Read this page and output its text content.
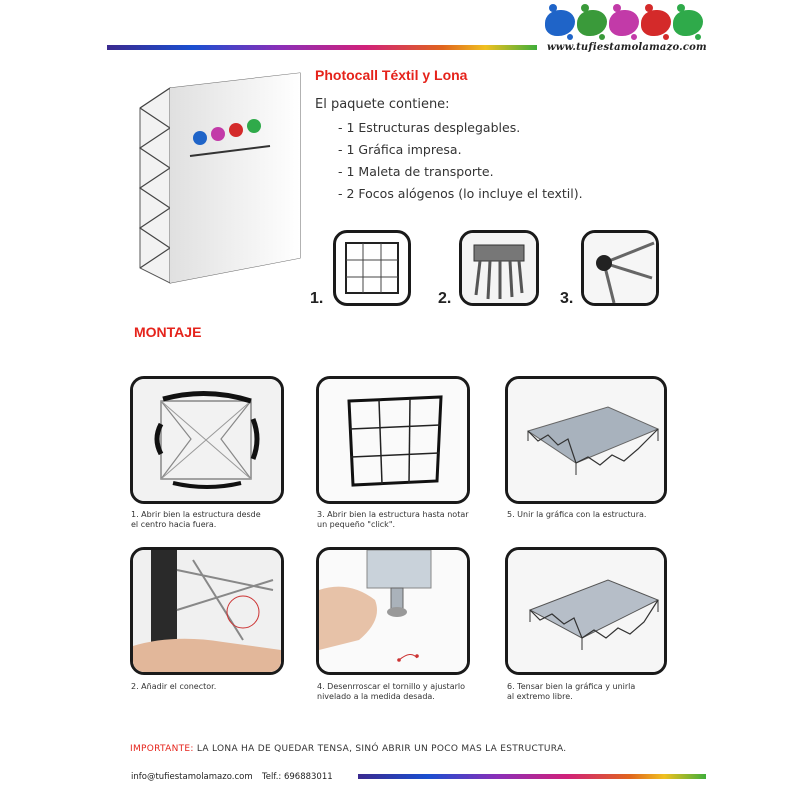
www.tufiestamolamazo.com
Photocall Téxtil y Lona
El paquete contiene:
- 1 Estructuras desplegables.
- 1 Gráfica impresa.
- 1 Maleta de transporte.
- 2 Focos alógenos (lo incluye el textil).
1.	2.	3.
MONTAJE
1. Abrir bien la estructura desde
el centro hacia fuera.
3. Abrir bien la estructura hasta notar
un pequeño "click".
5. Unir la gráfica con la estructura.
2. Añadir el conector.	4. Desenrroscar el tornillo y ajustarlo
nivelado a la medida desada.
6. Tensar bien la gráfica y unirla
al extremo libre.
IMPORTANTE: LA LONA HA DE QUEDAR TENSA, SINÓ ABRIR UN POCO MAS LA ESTRUCTURA.
info@tufiestamolamazo.com Telf.: 696883011
